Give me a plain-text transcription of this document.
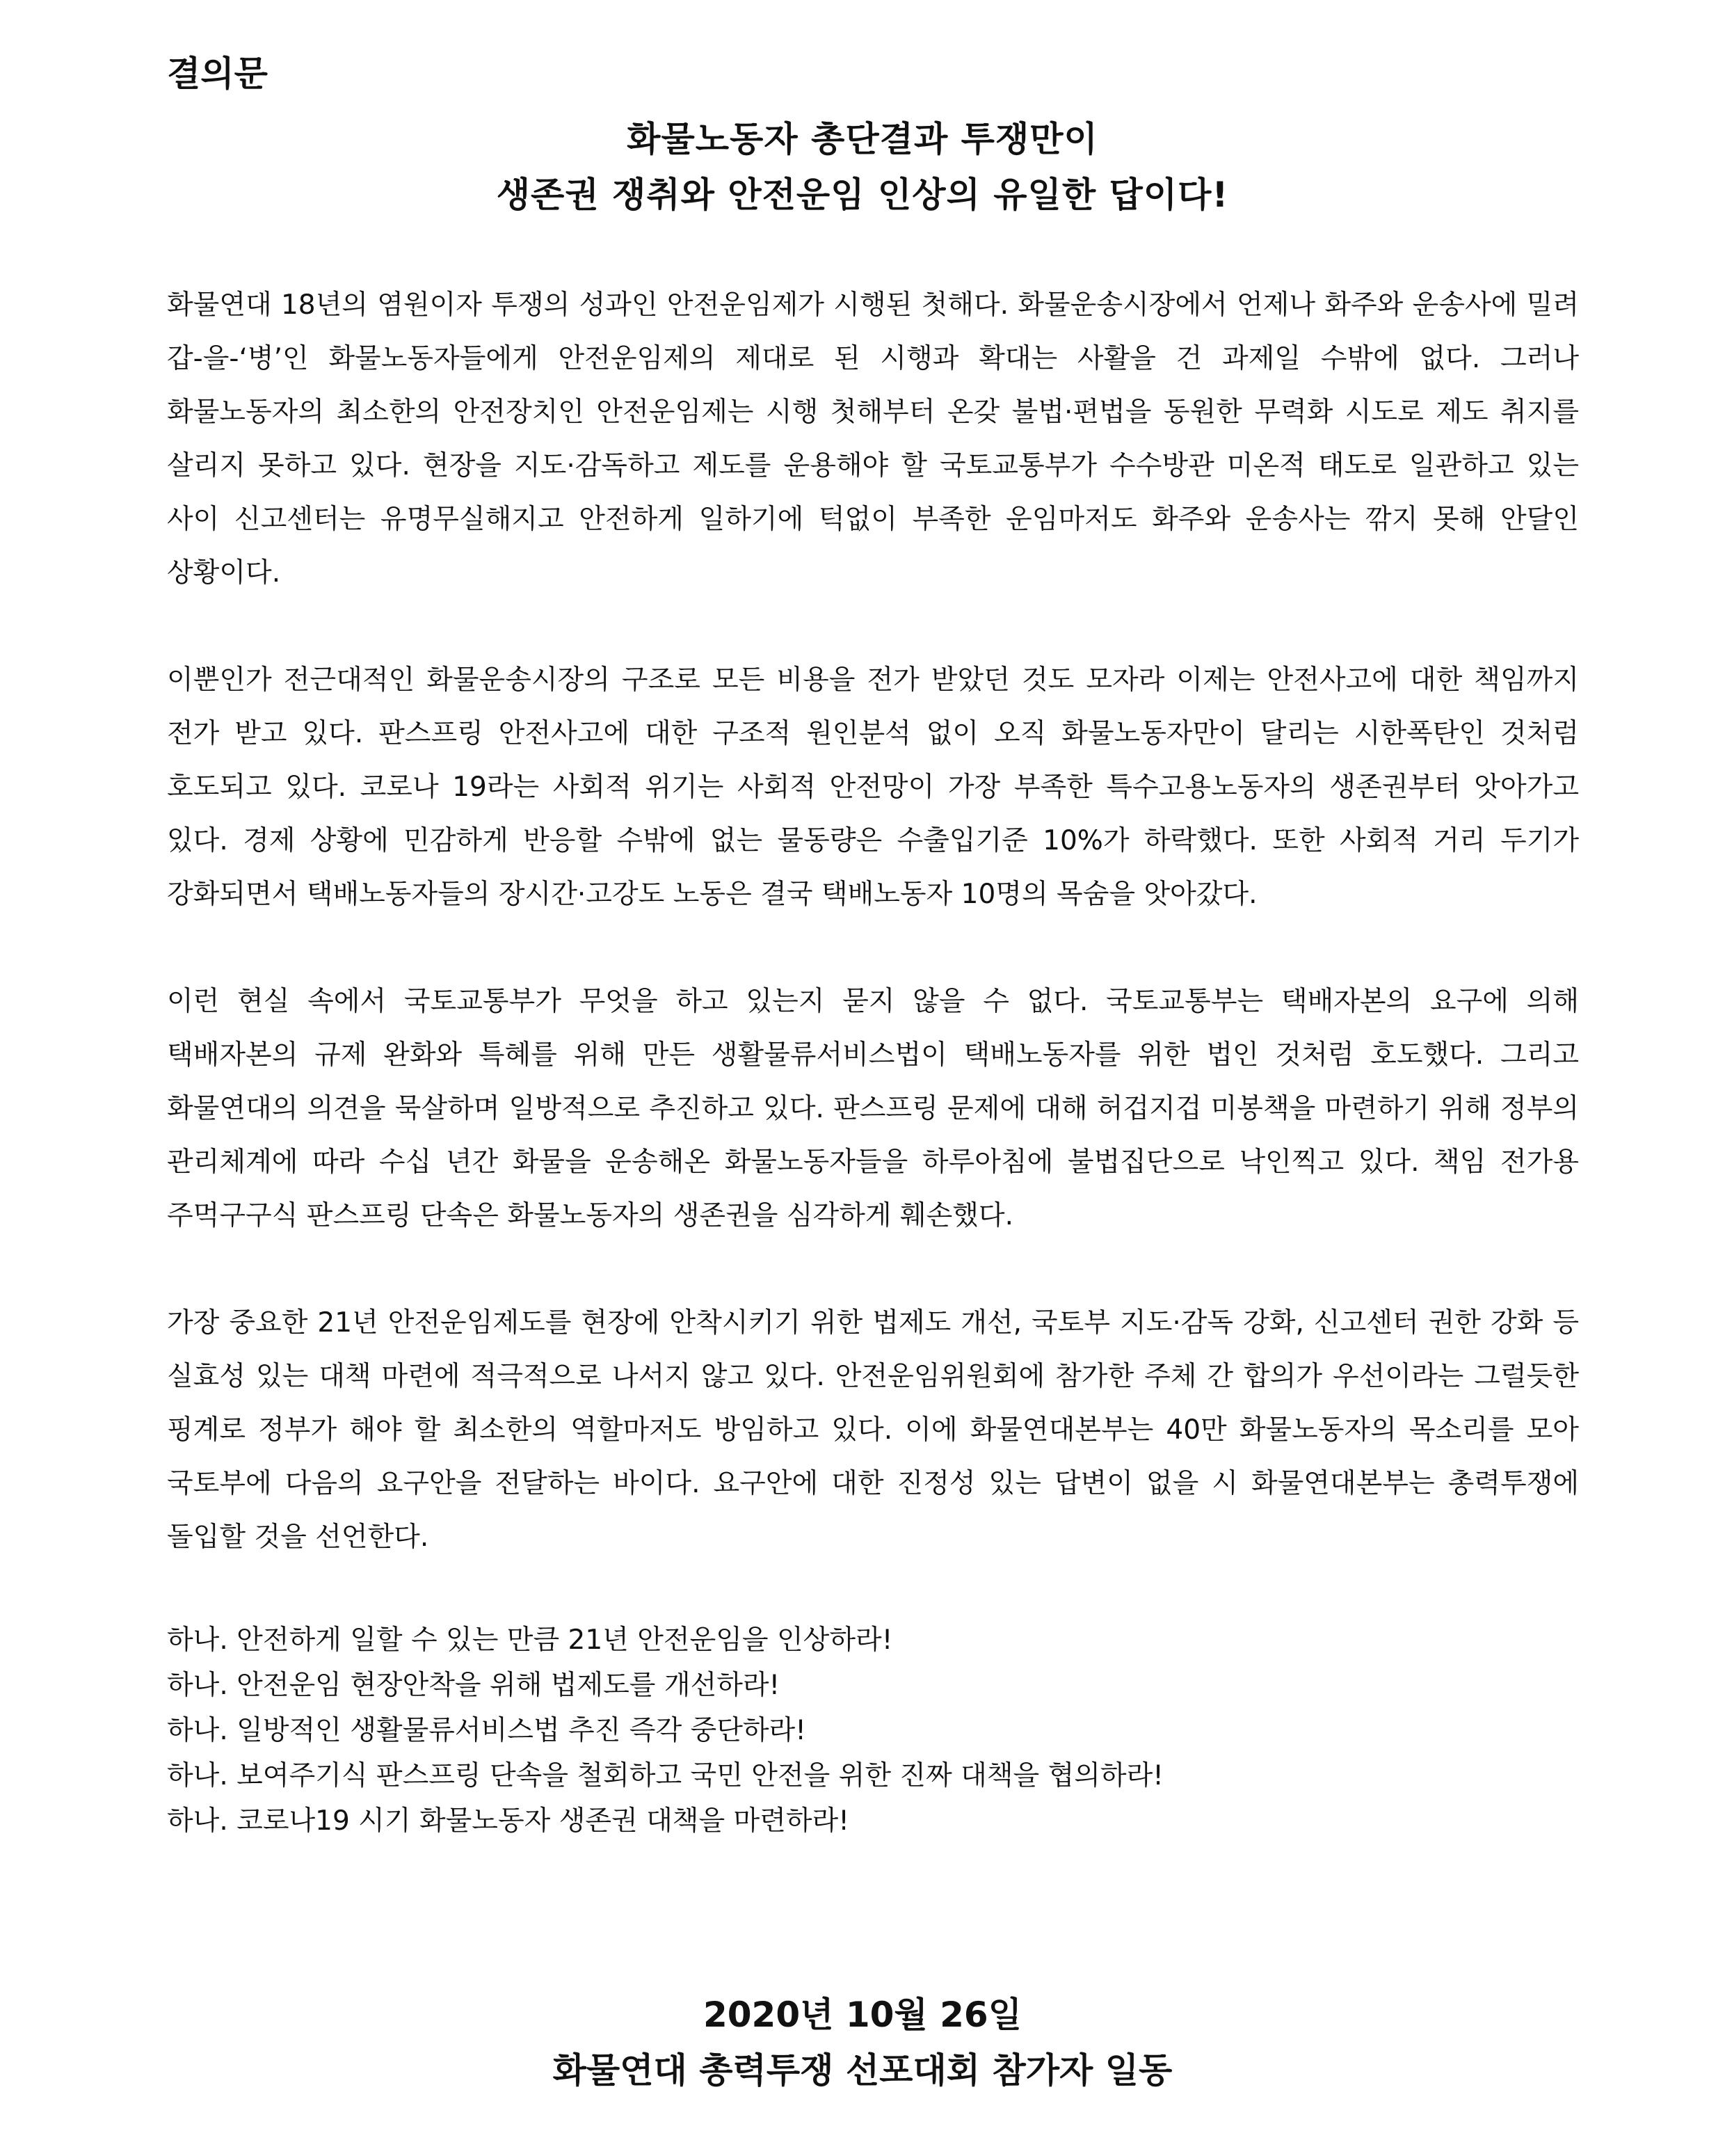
결의문
화물노동자 총단결과 투쟁만이
생존권 쟁취와 안전운임 인상의 유일한 답이다!

화물연대 18년의 염원이자 투쟁의 성과인 안전운임제가 시행된 첫해다. 화물운송시장에서 언제나 화주와 운송사에 밀려 갑-을-‘병’인 화물노동자들에게 안전운임제의 제대로 된 시행과 확대는 사활을 건 과제일 수밖에 없다. 그러나 화물노동자의 최소한의 안전장치인 안전운임제는 시행 첫해부터 온갖 불법·편법을 동원한 무력화 시도로 제도 취지를 살리지 못하고 있다. 현장을 지도·감독하고 제도를 운용해야 할 국토교통부가 수수방관 미온적 태도로 일관하고 있는 사이 신고센터는 유명무실해지고 안전하게 일하기에 턱없이 부족한 운임마저도 화주와 운송사는 깎지 못해 안달인 상황이다.

이뿐인가 전근대적인 화물운송시장의 구조로 모든 비용을 전가 받았던 것도 모자라 이제는 안전사고에 대한 책임까지 전가 받고 있다. 판스프링 안전사고에 대한 구조적 원인분석 없이 오직 화물노동자만이 달리는 시한폭탄인 것처럼 호도되고 있다. 코로나 19라는 사회적 위기는 사회적 안전망이 가장 부족한 특수고용노동자의 생존권부터 앗아가고 있다. 경제 상황에 민감하게 반응할 수밖에 없는 물동량은 수출입기준 10%가 하락했다. 또한 사회적 거리 두기가 강화되면서 택배노동자들의 장시간·고강도 노동은 결국 택배노동자 10명의 목숨을 앗아갔다.

이런 현실 속에서 국토교통부가 무엇을 하고 있는지 묻지 않을 수 없다. 국토교통부는 택배자본의 요구에 의해 택배자본의 규제 완화와 특혜를 위해 만든 생활물류서비스법이 택배노동자를 위한 법인 것처럼 호도했다. 그리고 화물연대의 의견을 묵살하며 일방적으로 추진하고 있다. 판스프링 문제에 대해 허겁지겁 미봉책을 마련하기 위해 정부의 관리체계에 따라 수십 년간 화물을 운송해온 화물노동자들을 하루아침에 불법집단으로 낙인찍고 있다. 책임 전가용 주먹구구식 판스프링 단속은 화물노동자의 생존권을 심각하게 훼손했다.

가장 중요한 21년 안전운임제도를 현장에 안착시키기 위한 법제도 개선, 국토부 지도·감독 강화, 신고센터 권한 강화 등 실효성 있는 대책 마련에 적극적으로 나서지 않고 있다. 안전운임위원회에 참가한 주체 간 합의가 우선이라는 그럴듯한 핑계로 정부가 해야 할 최소한의 역할마저도 방임하고 있다. 이에 화물연대본부는 40만 화물노동자의 목소리를 모아 국토부에 다음의 요구안을 전달하는 바이다. 요구안에 대한 진정성 있는 답변이 없을 시 화물연대본부는 총력투쟁에 돌입할 것을 선언한다.

하나. 안전하게 일할 수 있는 만큼 21년 안전운임을 인상하라!
하나. 안전운임 현장안착을 위해 법제도를 개선하라!
하나. 일방적인 생활물류서비스법 추진 즉각 중단하라!
하나. 보여주기식 판스프링 단속을 철회하고 국민 안전을 위한 진짜 대책을 협의하라!
하나. 코로나19 시기 화물노동자 생존권 대책을 마련하라!

2020년 10월 26일

화물연대 총력투쟁 선포대회 참가자 일동
